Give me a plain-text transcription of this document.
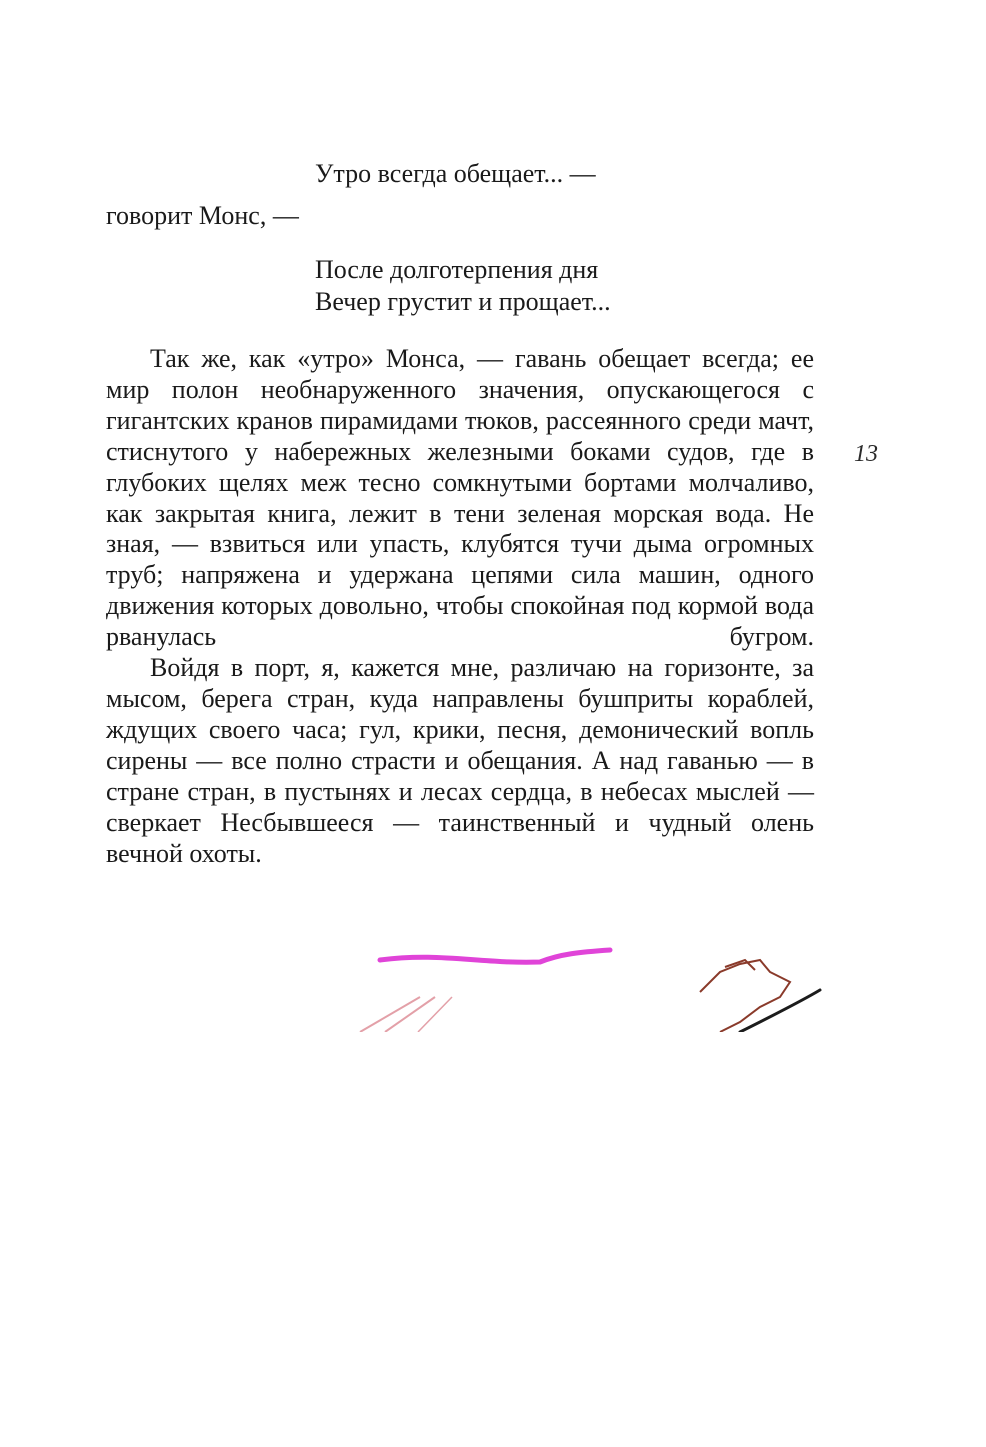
Утро всегда обещает... —
говорит Монс, —
После долготерпения дня
Вечер грустит и прощает...

Так же, как «утро» Монса, — гавань обещает всегда; ее мир полон необнаруженного значения, опускающегося с гигантских кранов пирамидами тюков, рассеянного среди мачт, стиснутого у набережных железными боками судов, где в глубоких щелях меж тесно сомкнутыми бортами молчаливо, как закрытая книга, лежит в тени зеленая морская вода. Не зная, — взвиться или упасть, клубятся тучи дыма огромных труб; напряжена и удержана цепями сила машин, одного движения которых довольно, чтобы спокойная под кормой вода рванулась бугром.

Войдя в порт, я, кажется мне, различаю на горизонте, за мысом, берега стран, куда направлены бушприты кораблей, ждущих своего часа; гул, крики, песня, демонический вопль сирены — все полно страсти и обещания. А над гаванью — в стране стран, в пустынях и лесах сердца, в небесах мыслей — сверкает Несбывшееся — таинственный и чудный олень вечной охоты.

13
